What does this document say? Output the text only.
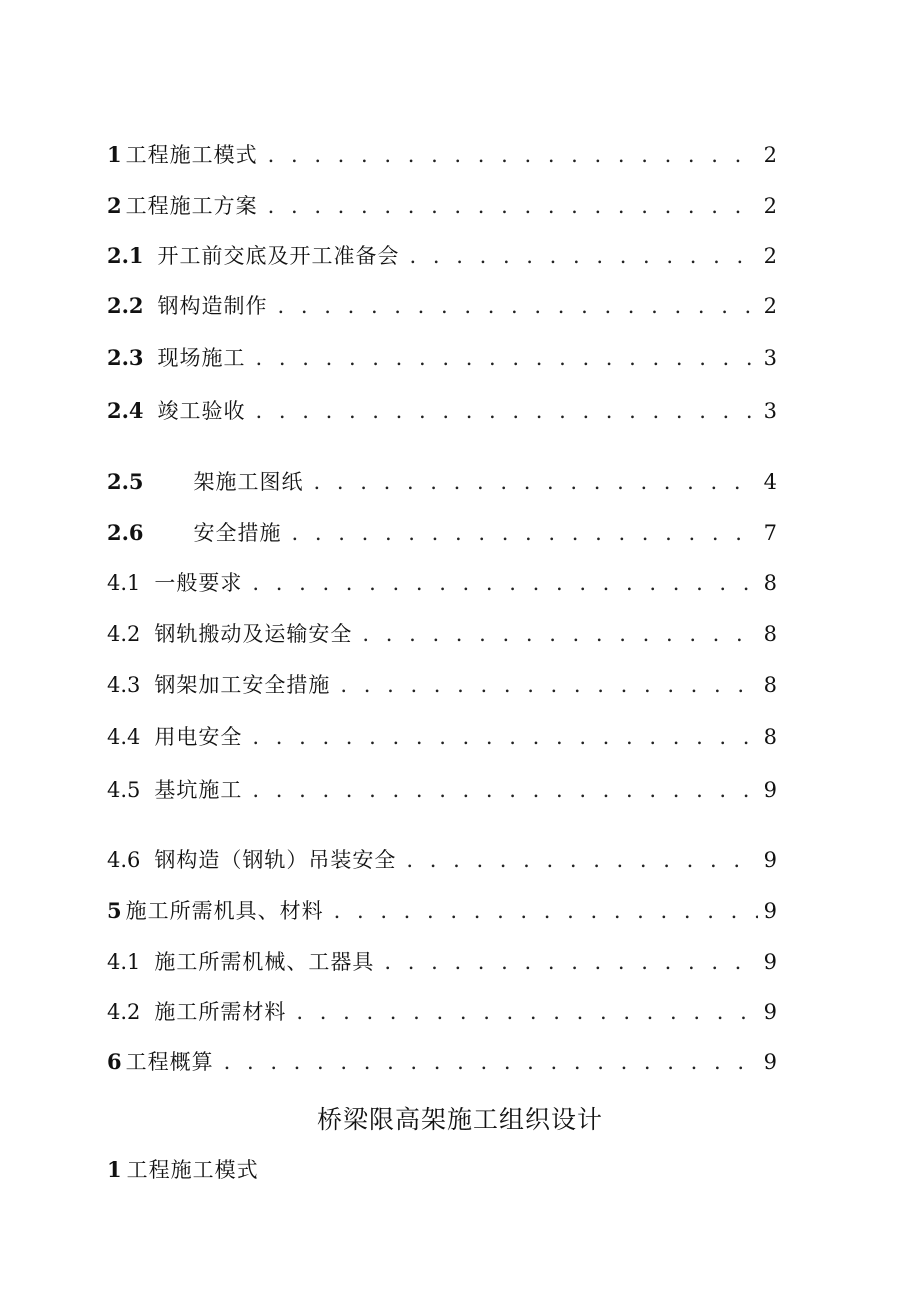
1 工程施工模式 . . .	2
2 工程施工方案 . . .	2
2.1 开工前交底及开工准备会 . . .	2
2.2 钢构造制作 . . .	2
2.3 现场施工 . . .	3
2.4 竣工验收 . . .	3
2.5 架施工图纸 . . .	4
2.6 安全措施 . . .	7
4.1 一般要求 . . .	8
4.2 钢轨搬动及运输安全 . . .	8
4.3 钢架加工安全措施 . . .	8
4.4 用电安全 . . .	8
4.5 基坑施工 . . .	9
4.6 钢构造（钢轨）吊装安全 . . .	9
5 施工所需机具、材料 . . .	9
4.1 施工所需机械、工器具 . . .	9
4.2 施工所需材料 . . .	9
6 工程概算 . . .	9
桥梁限高架施工组织设计
1 工程施工模式
